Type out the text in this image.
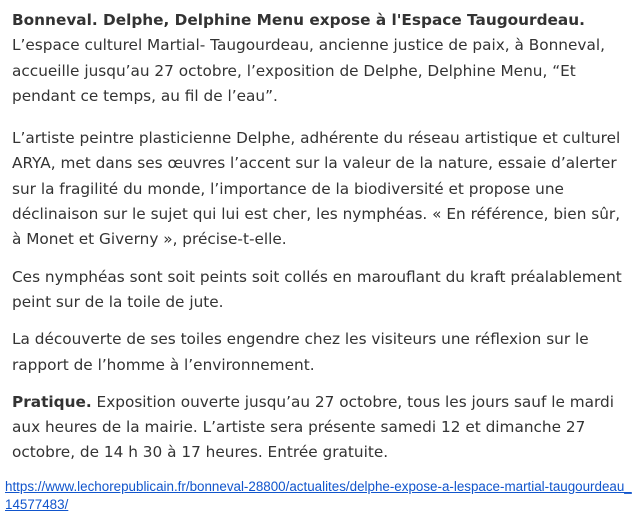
Bonneval. Delphe, Delphine Menu expose à l'Espace Taugourdeau. L’espace culturel Martial- Taugourdeau, ancienne justice de paix, à Bonneval, accueille jusqu’au 27 octobre, l’exposition de Delphe, Delphine Menu, “Et pendant ce temps, au fil de l’eau”.

L’artiste peintre plasticienne Delphe, adhérente du réseau artistique et culturel ARYA, met dans ses œuvres l’accent sur la valeur de la nature, essaie d’alerter sur la fragilité du monde, l’importance de la biodiversité et propose une déclinaison sur le sujet qui lui est cher, les nymphéas. « En référence, bien sûr, à Monet et Giverny », précise-t-elle.

Ces nymphéas sont soit peints soit collés en marouflant du kraft préalablement peint sur de la toile de jute.

La découverte de ses toiles engendre chez les visiteurs une réflexion sur le rapport de l’homme à l’environnement.

Pratique. Exposition ouverte jusqu’au 27 octobre, tous les jours sauf le mardi aux heures de la mairie. L’artiste sera présente samedi 12 et dimanche 27 octobre, de 14 h 30 à 17 heures. Entrée gratuite.

https://www.lechorepublicain.fr/bonneval-28800/actualites/delphe-expose-a-lespace-martial-taugourdeau_14577483/
